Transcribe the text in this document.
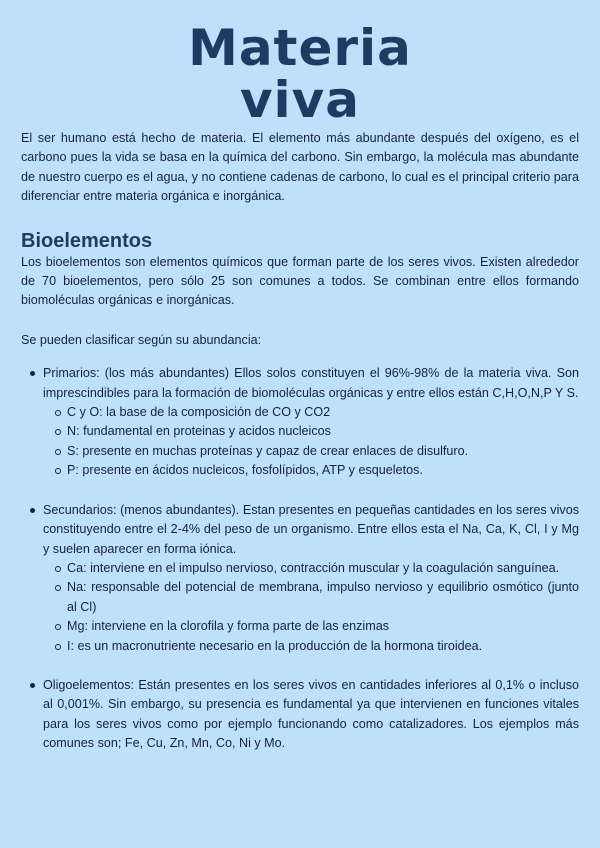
Materia
viva

El ser humano está hecho de materia. El elemento más abundante después del oxígeno, es el carbono pues la vida se basa en la química del carbono. Sin embargo, la molécula mas abundante de nuestro cuerpo es el agua, y no contiene cadenas de carbono, lo cual es el principal criterio para diferenciar entre materia orgánica e inorgánica.

Bioelementos

Los bioelementos son elementos químicos que forman parte de los seres vivos. Existen alrededor de 70 bioelementos, pero sólo 25 son comunes a todos. Se combinan entre ellos formando biomoléculas orgánicas e inorgánicas.

Se pueden clasificar según su abundancia:

Primarios: (los más abundantes) Ellos solos constituyen el 96%-98% de la materia viva. Son imprescindibles para la formación de biomoléculas orgánicas y entre ellos están C,H,O,N,P Y S.
C y O: la base de la composición de CO y CO2
N: fundamental en proteinas y acidos nucleicos
S: presente en muchas proteínas y capaz de crear enlaces de disulfuro.
P: presente en ácidos nucleicos, fosfolípidos, ATP y esqueletos.
Secundarios: (menos abundantes). Estan presentes en pequeñas cantidades en los seres vivos constituyendo entre el 2-4% del peso de un organismo. Entre ellos esta el Na, Ca, K, Cl, I y Mg y suelen aparecer en forma iónica.
Ca: interviene en el impulso nervioso, contracción muscular y la coagulación sanguínea.
Na: responsable del potencial de membrana, impulso nervioso y equilibrio osmótico (junto al Cl)
Mg: interviene en la clorofila y forma parte de las enzimas
I: es un macronutriente necesario en la producción de la hormona tiroidea.
Oligoelementos: Están presentes en los seres vivos en cantidades inferiores al 0,1% o incluso al 0,001%. Sin embargo, su presencia es fundamental ya que intervienen en funciones vitales para los seres vivos como por ejemplo funcionando como catalizadores. Los ejemplos más comunes son; Fe, Cu, Zn, Mn, Co, Ni y Mo.
